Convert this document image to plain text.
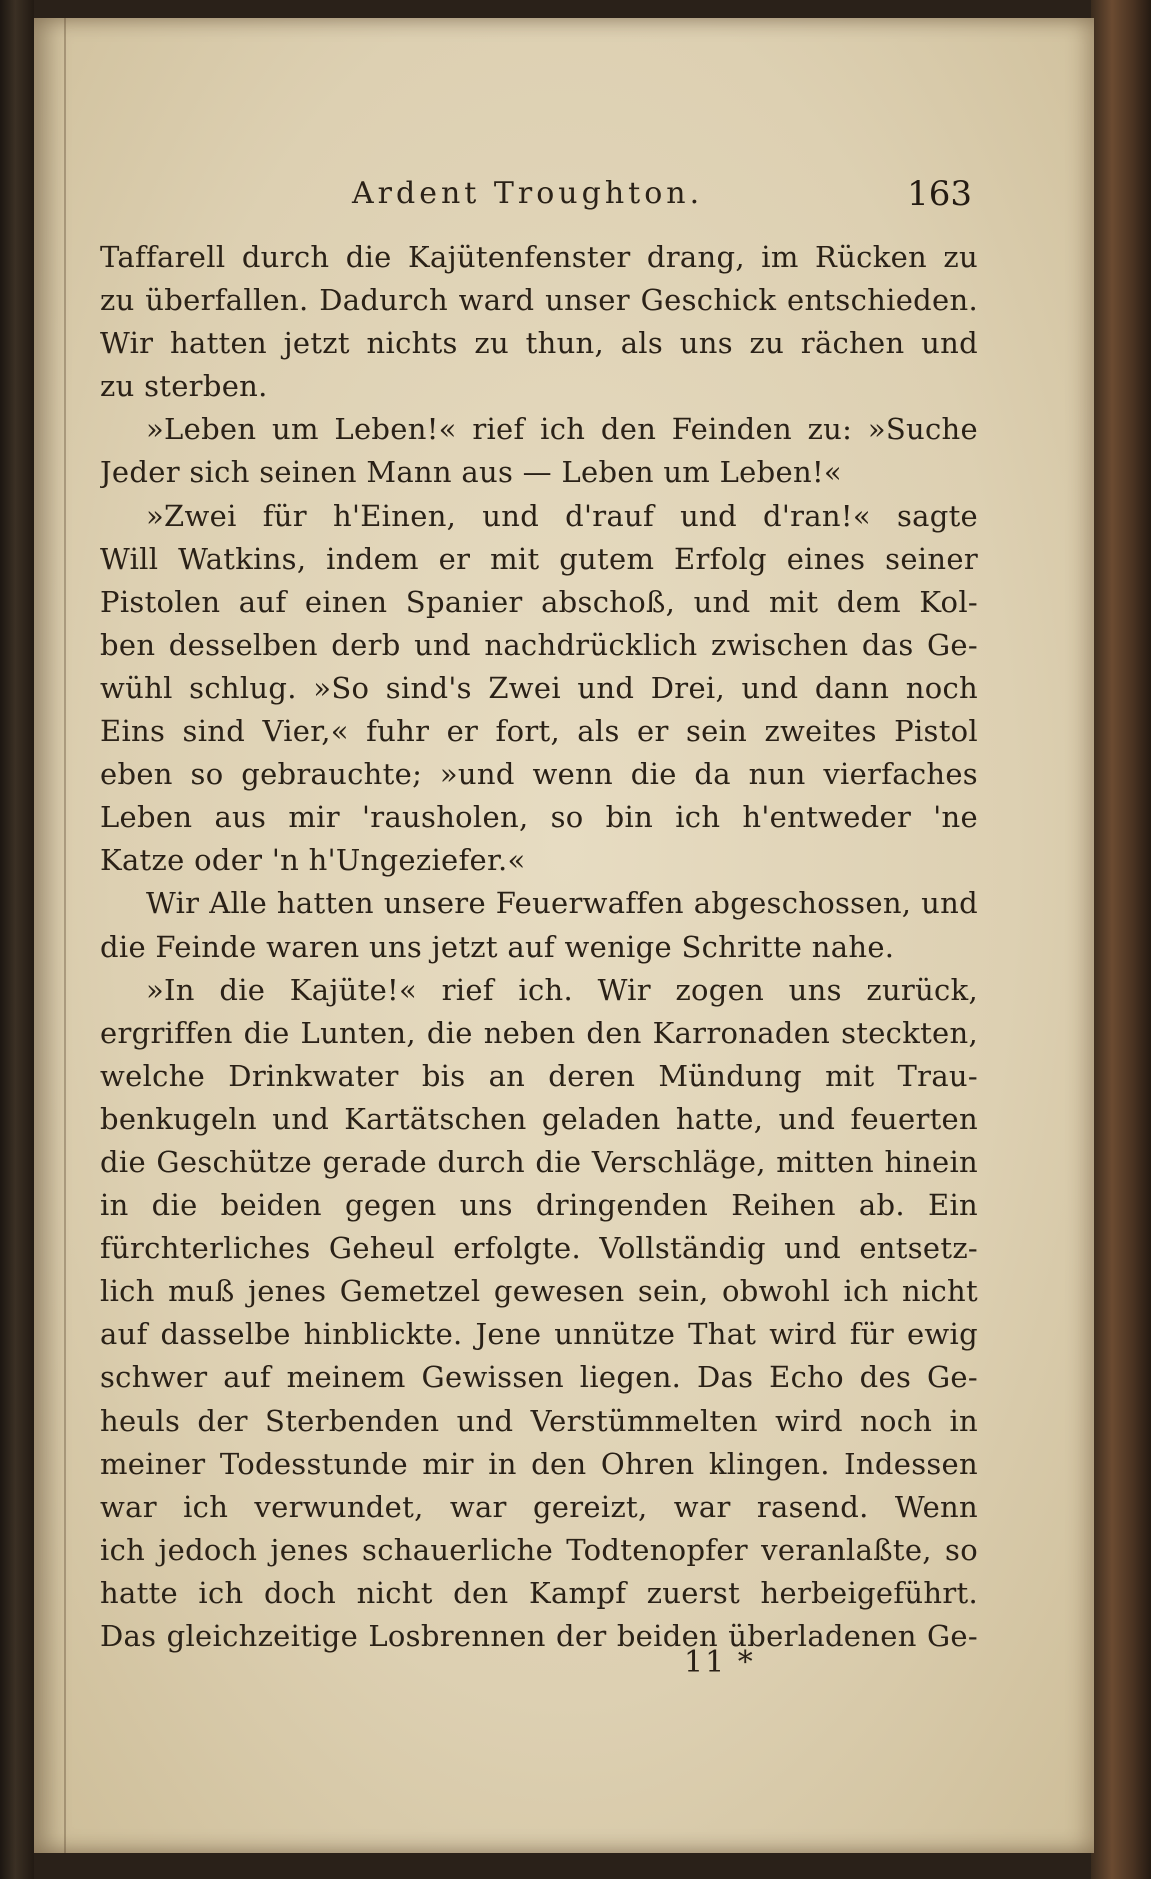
Ardent Troughton.	163
Taffarell durch die Kajütenfenster drang, im Rücken zu
zu überfallen. Dadurch ward unser Geschick entschieden.
Wir hatten jetzt nichts zu thun, als uns zu rächen und
zu sterben.
»Leben um Leben!« rief ich den Feinden zu: »Suche
Jeder sich seinen Mann aus — Leben um Leben!«
»Zwei für h'Einen, und d'rauf und d'ran!« sagte
Will Watkins, indem er mit gutem Erfolg eines seiner
Pistolen auf einen Spanier abschoß, und mit dem Kol-
ben desselben derb und nachdrücklich zwischen das Ge-
wühl schlug. »So sind's Zwei und Drei, und dann noch
Eins sind Vier,« fuhr er fort, als er sein zweites Pistol
eben so gebrauchte; »und wenn die da nun vierfaches
Leben aus mir 'rausholen, so bin ich h'entweder 'ne
Katze oder 'n h'Ungeziefer.«
Wir Alle hatten unsere Feuerwaffen abgeschossen, und
die Feinde waren uns jetzt auf wenige Schritte nahe.
»In die Kajüte!« rief ich. Wir zogen uns zurück,
ergriffen die Lunten, die neben den Karronaden steckten,
welche Drinkwater bis an deren Mündung mit Trau-
benkugeln und Kartätschen geladen hatte, und feuerten
die Geschütze gerade durch die Verschläge, mitten hinein
in die beiden gegen uns dringenden Reihen ab. Ein
fürchterliches Geheul erfolgte. Vollständig und entsetz-
lich muß jenes Gemetzel gewesen sein, obwohl ich nicht
auf dasselbe hinblickte. Jene unnütze That wird für ewig
schwer auf meinem Gewissen liegen. Das Echo des Ge-
heuls der Sterbenden und Verstümmelten wird noch in
meiner Todesstunde mir in den Ohren klingen. Indessen
war ich verwundet, war gereizt, war rasend. Wenn
ich jedoch jenes schauerliche Todtenopfer veranlaßte, so
hatte ich doch nicht den Kampf zuerst herbeigeführt.
Das gleichzeitige Losbrennen der beiden überladenen Ge-
11 *
